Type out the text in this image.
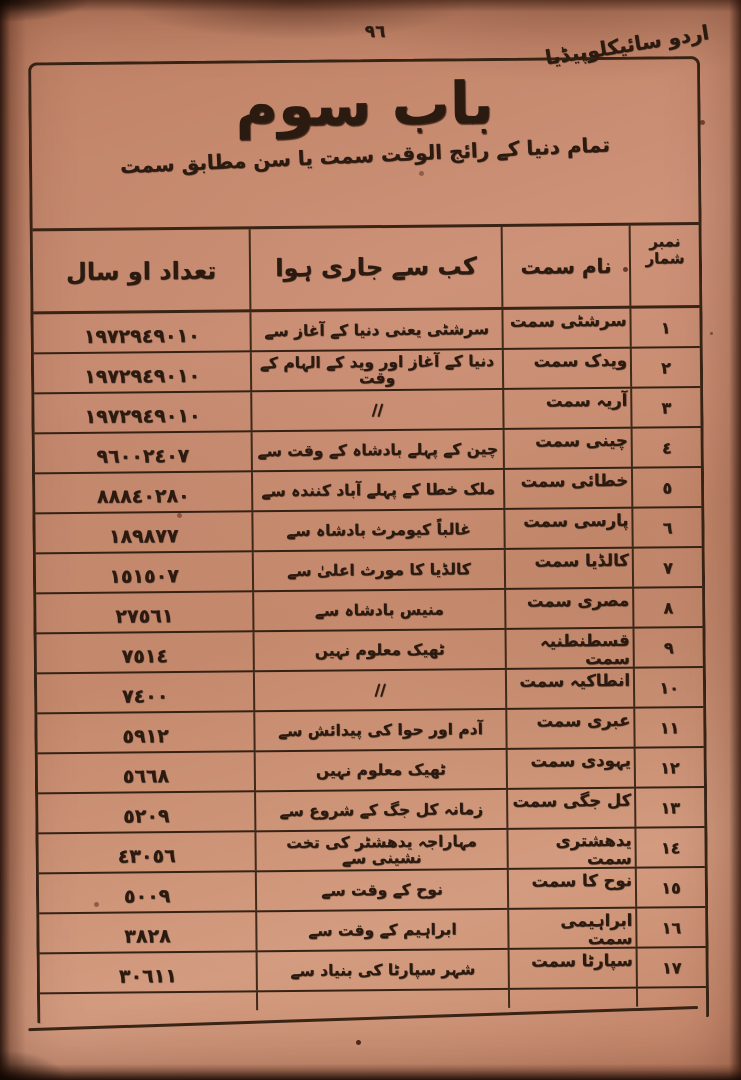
اردو سائیکلوپیڈیا
٩٦
باب سوم
تمام دنیا کے رائج الوقت سمت یا سن مطابق سمت
نمبر شمار
نام سمت
کب سے جاری ہوا
تعداد او سال
١
سرشٹی سمت
سرشٹی یعنی دنیا کے آغاز سے
١٩٧٢٩٤٩٠١٠
٢
ویدک سمت
دنیا کے آغاز اور وید کے الہام کے وقت
١٩٧٢٩٤٩٠١٠
٣
آریہ سمت
//
١٩٧٢٩٤٩٠١٠
٤
چینی سمت
چین کے پہلے بادشاہ کے وقت سے
٩٦٠٠٢٤٠٧
٥
خطائی سمت
ملک خطا کے پہلے آباد کنندہ سے
٨٨٨٤٠٢٨٠
٦
پارسی سمت
غالباً کیومرث بادشاہ سے
١٨٩٨٧٧
٧
کالڈیا سمت
کالڈیا کا مورث اعلیٰ سے
١٥١٥٠٧
٨
مصری سمت
منیس بادشاہ سے
٢٧٥٦١
٩
قسطنطنیہ سمت
ٹھیک معلوم نہیں
٧٥١٤
١٠
انطاکیہ سمت
//
٧٤٠٠
١١
عبری سمت
آدم اور حوا کی پیدائش سے
٥٩١٢
١٢
یہودی سمت
ٹھیک معلوم نہیں
٥٦٦٨
١٣
کل جگی سمت
زمانہ کل جگ کے شروع سے
٥٢٠٩
١٤
یدھشتری سمت
مہاراجہ یدھشٹر کی تخت نشینی سے
٤٣٠٥٦
١٥
نوح کا سمت
نوح کے وقت سے
٥٠٠٩
١٦
ابراہیمی سمت
ابراہیم کے وقت سے
٣٨٢٨
١٧
سپارٹا سمت
شہر سپارٹا کی بنیاد سے
٣٠٦١١
